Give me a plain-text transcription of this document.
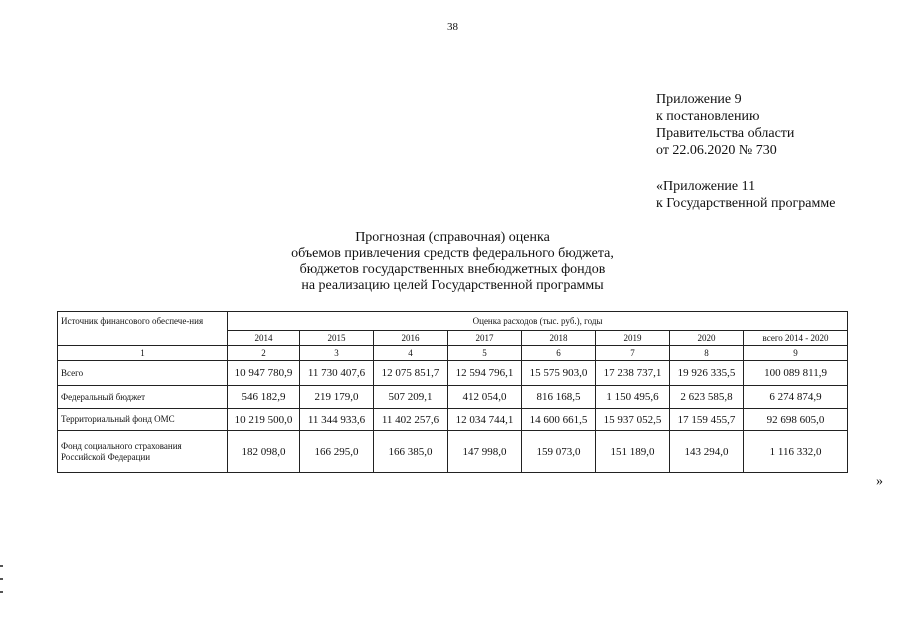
38
Приложение 9
к постановлению
Правительства области
от 22.06.2020 № 730
«Приложение 11
к Государственной программе
Прогнозная (справочная) оценка
объемов привлечения средств федерального бюджета,
бюджетов государственных внебюджетных фондов
на реализацию целей Государственной программы
Источник финансового обеспече-ния	Оценка расходов (тыс. руб.), годы							
	2014	2015	2016	2017	2018	2019	2020	всего 2014 - 2020
1	2	3	4	5	6	7	8	9
Всего	10 947 780,9	11 730 407,6	12 075 851,7	12 594 796,1	15 575 903,0	17 238 737,1	19 926 335,5	100 089 811,9
Федеральный бюджет	546 182,9	219 179,0	507 209,1	412 054,0	816 168,5	1 150 495,6	2 623 585,8	6 274 874,9
Территориальный фонд ОМС	10 219 500,0	11 344 933,6	11 402 257,6	12 034 744,1	14 600 661,5	15 937 052,5	17 159 455,7	92 698 605,0
Фонд социального страхования Российской Федерации	182 098,0	166 295,0	166 385,0	147 998,0	159 073,0	151 189,0	143 294,0	1 116 332,0
»
